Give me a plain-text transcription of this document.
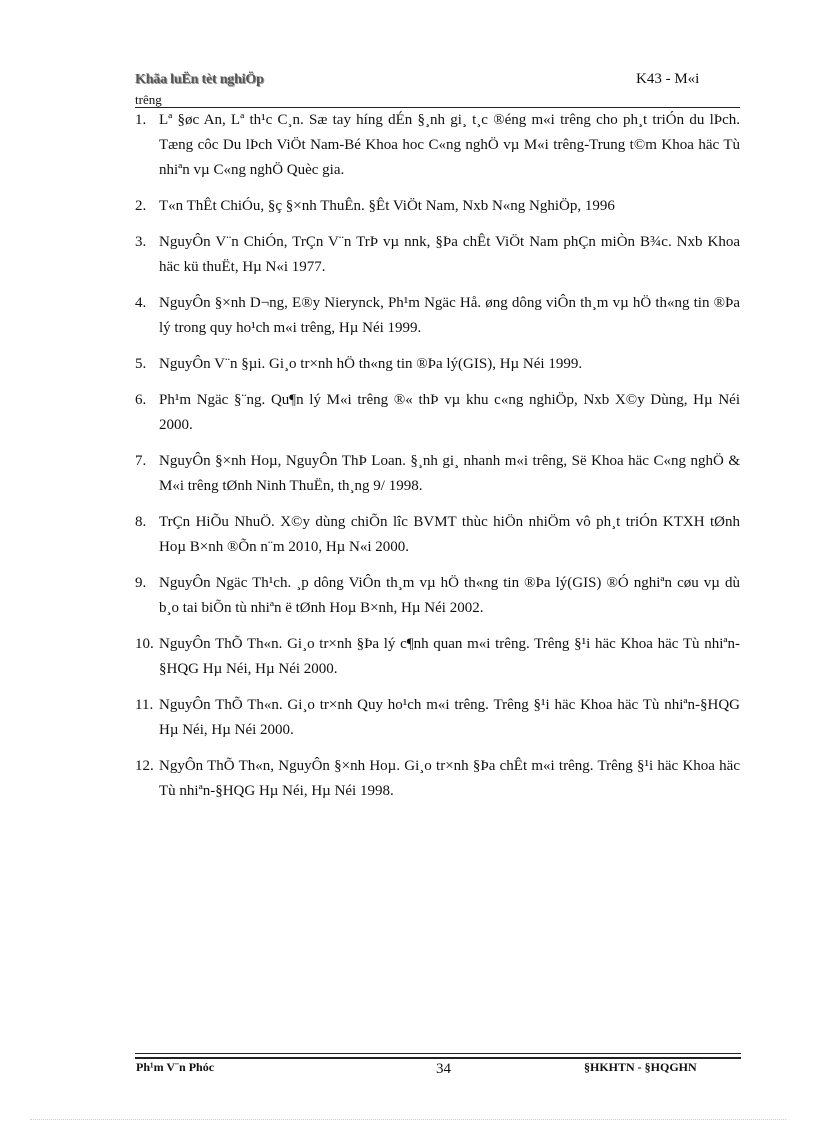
Khãa luËn tèt nghiÖp
trêng
K43 - M«i
1. Lª §øc An, Lª th¹c C¸n. Sæ tay híng dÉn §¸nh gi¸ t¸c ®éng m«i trêng cho ph¸t triÓn du lÞch. Tæng côc Du lÞch ViÖt Nam-Bé Khoa hoc C«ng nghÖ vµ M«i trêng-Trung t©m Khoa häc Tù nhiªn vµ C«ng nghÖ Quèc gia.
2. T«n ThÊt ChiÓu, §ç §×nh ThuÊn. §Êt ViÖt Nam, Nxb N«ng NghiÖp, 1996
3. NguyÔn V¨n ChiÓn, TrÇn V¨n TrÞ vµ nnk, §Þa chÊt ViÖt Nam phÇn miÒn B¾c. Nxb Khoa häc kü thuËt, Hµ N«i 1977.
4. NguyÔn §×nh D¬ng, E®y Nierynck, Ph¹m Ngäc Hå. øng dông viÔn th¸m vµ hÖ th«ng tin ®Þa lý trong quy ho¹ch m«i trêng, Hµ Néi 1999.
5. NguyÔn V¨n §µi. Gi¸o tr×nh hÖ th«ng tin ®Þa lý(GIS), Hµ Néi 1999.
6. Ph¹m Ngäc §¨ng. Qu¶n lý M«i trêng ®« thÞ vµ khu c«ng nghiÖp, Nxb X©y Dùng, Hµ Néi 2000.
7. NguyÔn §×nh Hoµ, NguyÔn ThÞ Loan. §¸nh gi¸ nhanh m«i trêng, Së Khoa häc C«ng nghÖ & M«i trêng tØnh Ninh ThuËn, th¸ng 9/ 1998.
8. TrÇn HiÕu NhuÖ. X©y dùng chiÕn lîc BVMT thùc hiÖn nhiÖm vô ph¸t triÓn KTXH tØnh Hoµ B×nh ®Õn n¨m 2010, Hµ N«i 2000.
9. NguyÔn Ngäc Th¹ch. ¸p dông ViÔn th¸m vµ hÖ th«ng tin ®Þa lý(GIS) ®Ó nghiªn cøu vµ dù b¸o tai biÕn tù nhiªn ë tØnh Hoµ B×nh, Hµ Néi 2002.
10. NguyÔn ThÕ Th«n. Gi¸o tr×nh §Þa lý c¶nh quan m«i trêng. Trêng §¹i häc Khoa häc Tù nhiªn-§HQG Hµ Néi, Hµ Néi 2000.
11. NguyÔn ThÕ Th«n. Gi¸o tr×nh Quy ho¹ch m«i trêng. Trêng §¹i häc Khoa häc Tù nhiªn-§HQG Hµ Néi, Hµ Néi 2000.
12. NgyÔn ThÕ Th«n, NguyÔn §×nh Hoµ. Gi¸o tr×nh §Þa chÊt m«i trêng. Trêng §¹i häc Khoa häc Tù nhiªn-§HQG Hµ Néi, Hµ Néi 1998.
Ph¹m V¨n Phóc	34	§HKHTN - §HQGHN
